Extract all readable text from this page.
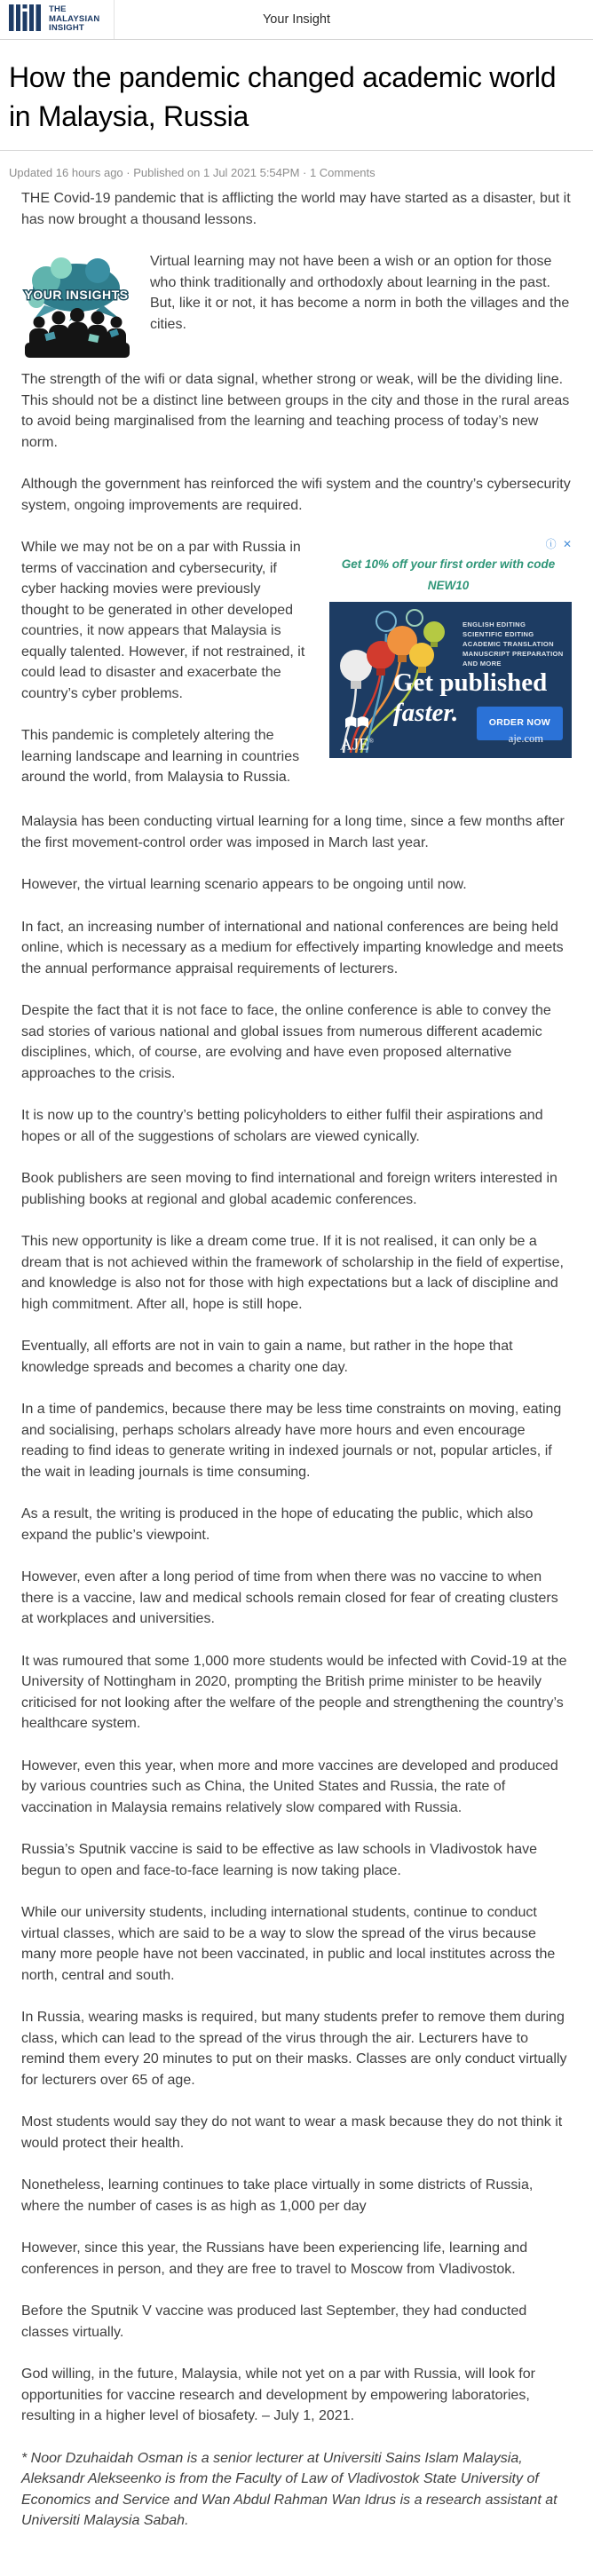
THE
MALAYSIAN
INSIGHT
Your Insight
How the pandemic changed academic world in Malaysia, Russia
Updated 16 hours ago · Published on 1 Jul 2021 5:54PM · 1 Comments

THE Covid-19 pandemic that is afflicting the world may have started as a disaster, but it has now brought a thousand lessons.

YOUR INSIGHTS

Virtual learning may not have been a wish or an option for those who think traditionally and orthodoxly about learning in the past. But, like it or not, it has become a norm in both the villages and the cities.

The strength of the wifi or data signal, whether strong or weak, will be the dividing line. This should not be a distinct line between groups in the city and those in the rural areas to avoid being marginalised from the learning and teaching process of today’s new norm.

Although the government has reinforced the wifi system and the country’s cybersecurity system, ongoing improvements are required.

ⓘ ✕
Get 10% off your first order with code NEW10
ENGLISH EDITING
SCIENTIFIC EDITING
ACADEMIC TRANSLATION
MANUSCRIPT PREPARATION
AND MORE
Get published
faster.	ORDER NOW
aje.com

AJE®

While we may not be on a par with Russia in terms of vaccination and cybersecurity, if cyber hacking movies were previously thought to be generated in other developed countries, it now appears that Malaysia is equally talented. However, if not restrained, it could lead to disaster and exacerbate the country’s cyber problems.

This pandemic is completely altering the learning landscape and learning in countries around the world, from Malaysia to Russia.

Malaysia has been conducting virtual learning for a long time, since a few months after the first movement-control order was imposed in March last year.

However, the virtual learning scenario appears to be ongoing until now.

In fact, an increasing number of international and national conferences are being held online, which is necessary as a medium for effectively imparting knowledge and meets the annual performance appraisal requirements of lecturers.

Despite the fact that it is not face to face, the online conference is able to convey the sad stories of various national and global issues from numerous different academic disciplines, which, of course, are evolving and have even proposed alternative approaches to the crisis.

It is now up to the country’s betting policyholders to either fulfil their aspirations and hopes or all of the suggestions of scholars are viewed cynically.

Book publishers are seen moving to find international and foreign writers interested in publishing books at regional and global academic conferences.

This new opportunity is like a dream come true. If it is not realised, it can only be a dream that is not achieved within the framework of scholarship in the field of expertise, and knowledge is also not for those with high expectations but a lack of discipline and high commitment. After all, hope is still hope.

Eventually, all efforts are not in vain to gain a name, but rather in the hope that knowledge spreads and becomes a charity one day.

In a time of pandemics, because there may be less time constraints on moving, eating and socialising, perhaps scholars already have more hours and even encourage reading to find ideas to generate writing in indexed journals or not, popular articles, if the wait in leading journals is time consuming.

As a result, the writing is produced in the hope of educating the public, which also expand the public’s viewpoint.

However, even after a long period of time from when there was no vaccine to when there is a vaccine, law and medical schools remain closed for fear of creating clusters at workplaces and universities.

It was rumoured that some 1,000 more students would be infected with Covid-19 at the University of Nottingham in 2020, prompting the British prime minister to be heavily criticised for not looking after the welfare of the people and strengthening the country’s healthcare system.

However, even this year, when more and more vaccines are developed and produced by various countries such as China, the United States and Russia, the rate of vaccination in Malaysia remains relatively slow compared with Russia.

Russia’s Sputnik vaccine is said to be effective as law schools in Vladivostok have begun to open and face-to-face learning is now taking place.

While our university students, including international students, continue to conduct virtual classes, which are said to be a way to slow the spread of the virus because many more people have not been vaccinated, in public and local institutes across the north, central and south.

In Russia, wearing masks is required, but many students prefer to remove them during class, which can lead to the spread of the virus through the air. Lecturers have to remind them every 20 minutes to put on their masks. Classes are only conduct virtually for lecturers over 65 of age.

Most students would say they do not want to wear a mask because they do not think it would protect their health.

Nonetheless, learning continues to take place virtually in some districts of Russia, where the number of cases is as high as 1,000 per day

However, since this year, the Russians have been experiencing life, learning and conferences in person, and they are free to travel to Moscow from Vladivostok.

Before the Sputnik V vaccine was produced last September, they had conducted classes virtually.

God willing, in the future, Malaysia, while not yet on a par with Russia, will look for opportunities for vaccine research and development by empowering laboratories, resulting in a higher level of biosafety. – July 1, 2021.

* Noor Dzuhaidah Osman is a senior lecturer at Universiti Sains Islam Malaysia, Aleksandr Alekseenko is from the Faculty of Law of Vladivostok State University of Economics and Service and Wan Abdul Rahman Wan Idrus is a research assistant at Universiti Malaysia Sabah.
